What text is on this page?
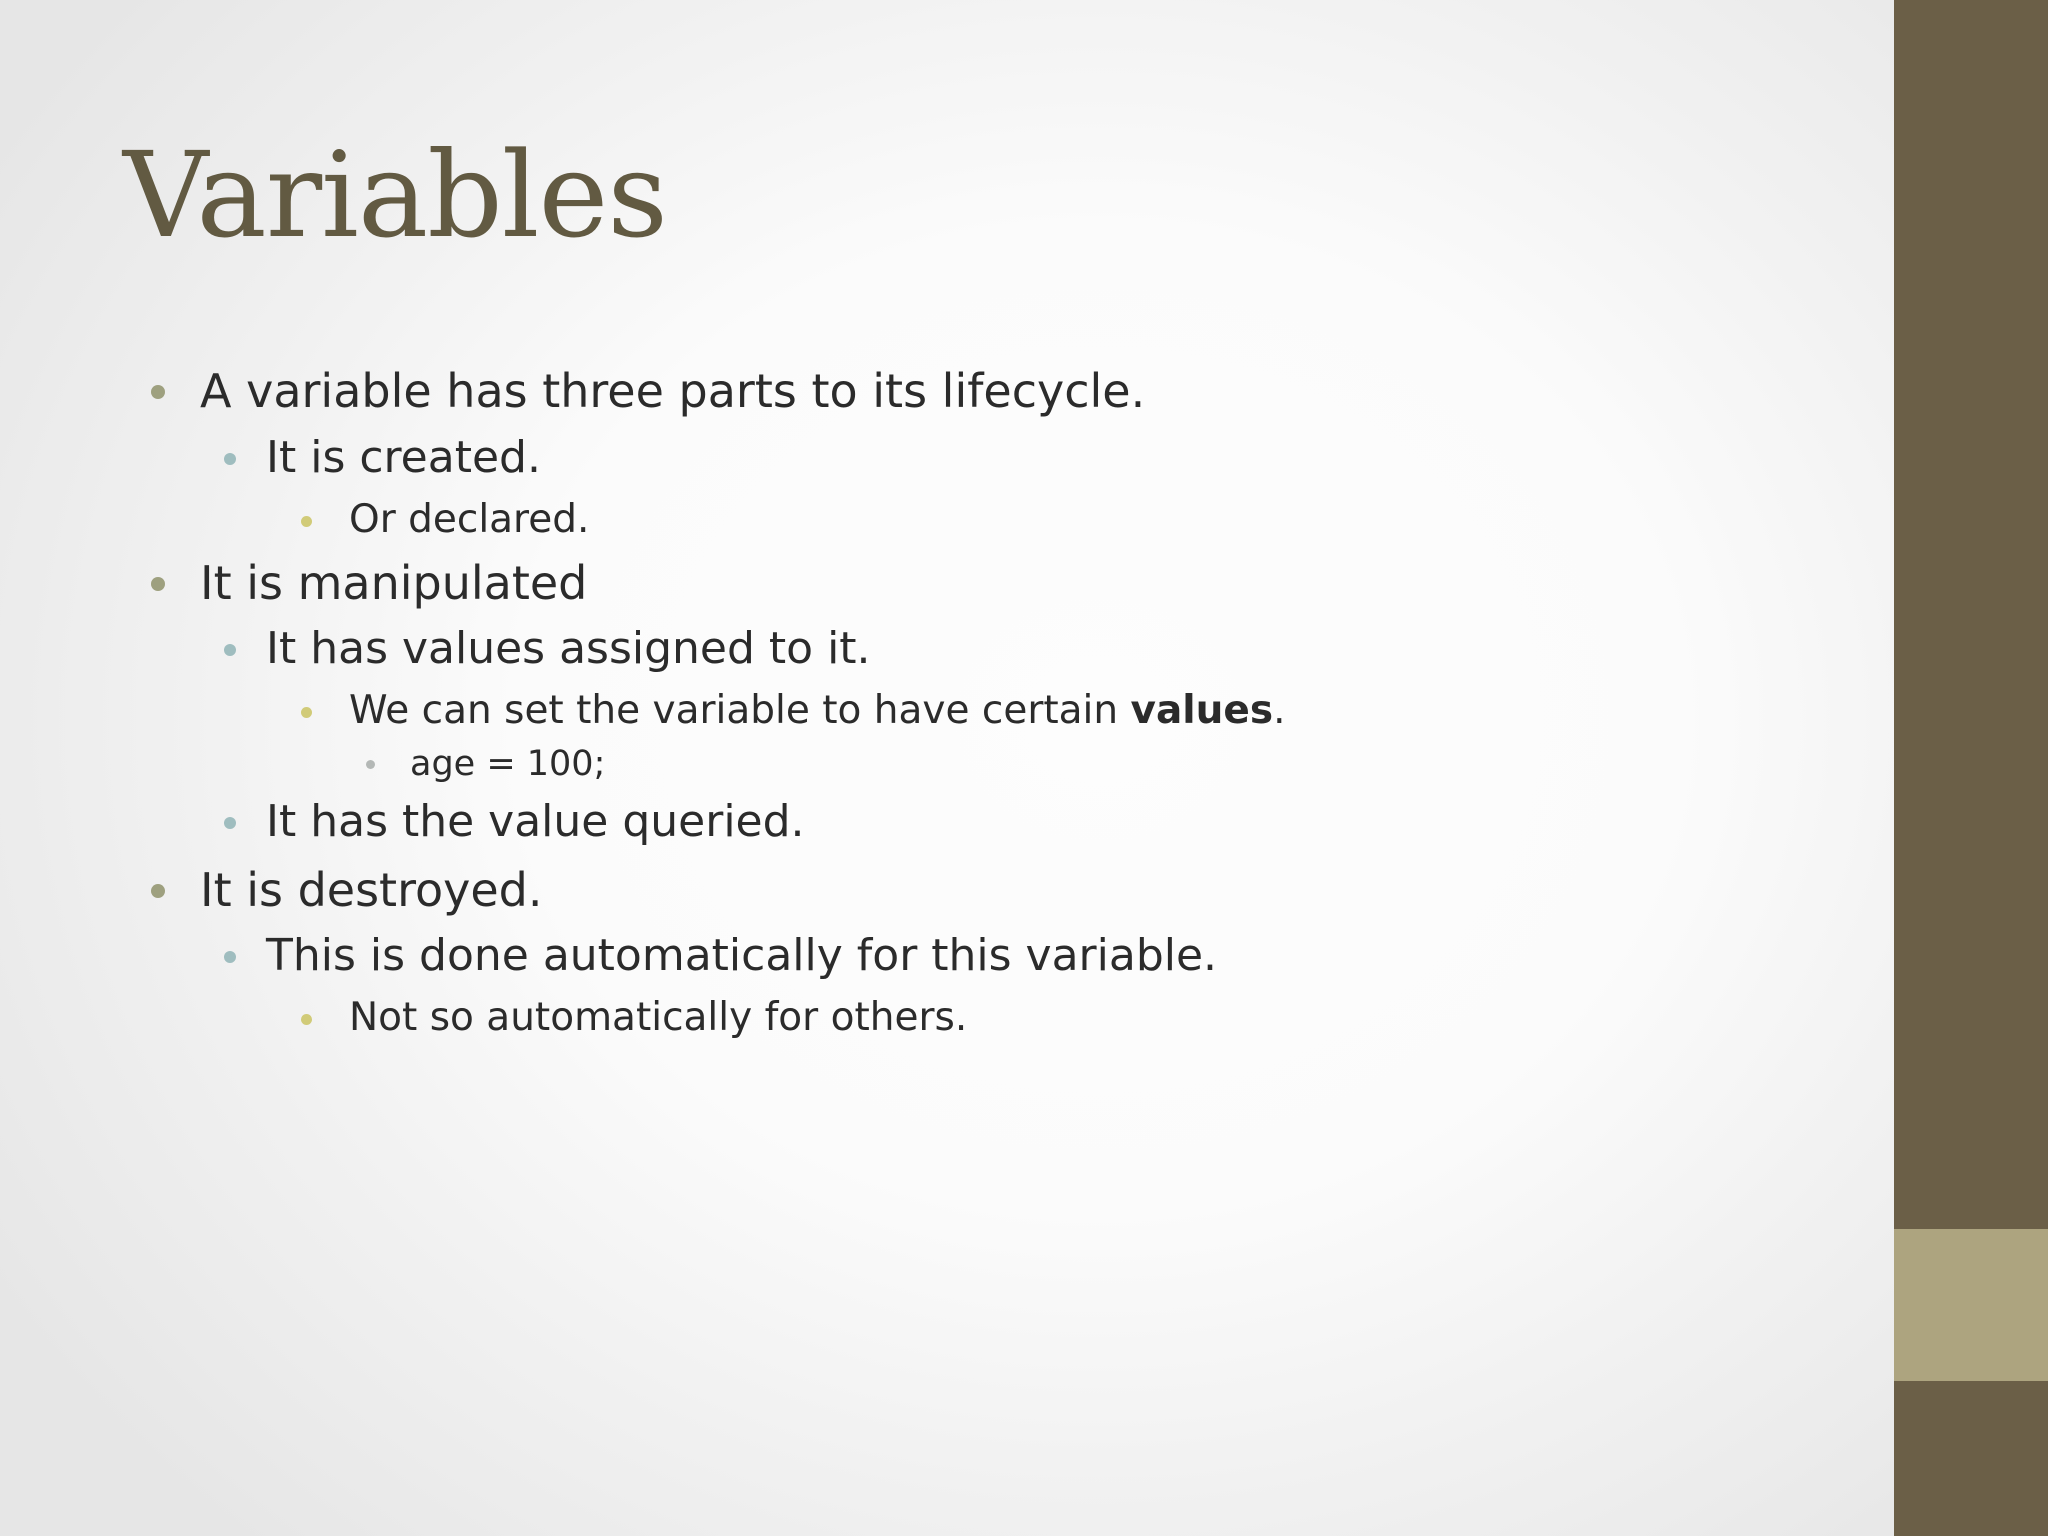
Variables
A variable has three parts to its lifecycle.
It is created.
Or declared.
It is manipulated
It has values assigned to it.
We can set the variable to have certain values.
age = 100;
It has the value queried.
It is destroyed.
This is done automatically for this variable.
Not so automatically for others.
